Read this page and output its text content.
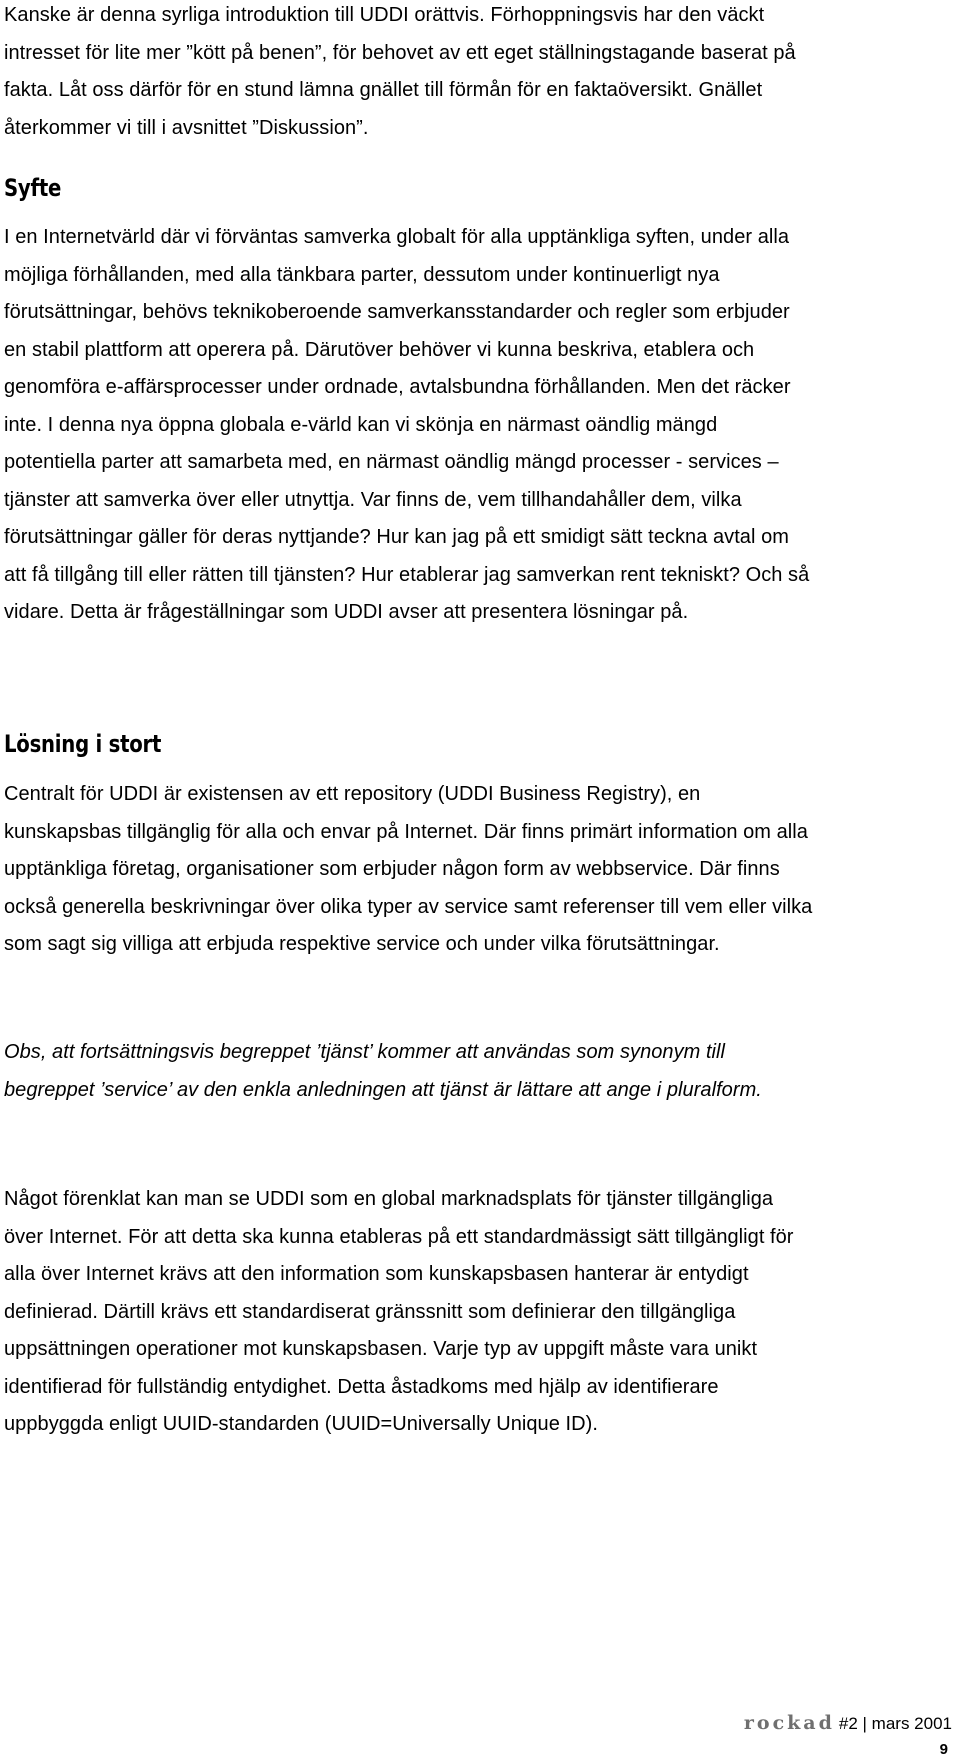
Kanske är denna syrliga introduktion till UDDI orättvis. Förhoppningsvis har den väckt intresset för lite mer ”kött på benen”, för behovet av ett eget ställningstagande baserat på fakta. Låt oss därför för en stund lämna gnället till förmån för en faktaöversikt. Gnället återkommer vi till i avsnittet ”Diskussion”.

Syfte

I en Internetvärld där vi förväntas samverka globalt för alla upptänkliga syften, under alla möjliga förhållanden, med alla tänkbara parter, dessutom under kontinuerligt nya förutsättningar, behövs teknikoberoende samverkansstandarder och regler som erbjuder en stabil plattform att operera på. Därutöver behöver vi kunna beskriva, etablera och genomföra e-affärsprocesser under ordnade, avtalsbundna förhållanden. Men det räcker inte. I denna nya öppna globala e-värld kan vi skönja en närmast oändlig mängd potentiella parter att samarbeta med, en närmast oändlig mängd processer - services – tjänster att samverka över eller utnyttja. Var finns de, vem tillhandahåller dem, vilka förutsättningar gäller för deras nyttjande? Hur kan jag på ett smidigt sätt teckna avtal om att få tillgång till eller rätten till tjänsten? Hur etablerar jag samverkan rent tekniskt? Och så vidare. Detta är frågeställningar som UDDI avser att presentera lösningar på.

Lösning i stort

Centralt för UDDI är existensen av ett repository (UDDI Business Registry), en kunskapsbas tillgänglig för alla och envar på Internet. Där finns primärt information om alla upptänkliga företag, organisationer som erbjuder någon form av webbservice. Där finns också generella beskrivningar över olika typer av service samt referenser till vem eller vilka som sagt sig villiga att erbjuda respektive service och under vilka förutsättningar.

Obs, att fortsättningsvis begreppet ’tjänst’ kommer att användas som synonym till begreppet ’service’ av den enkla anledningen att tjänst är lättare att ange i pluralform.

Något förenklat kan man se UDDI som en global marknadsplats för tjänster tillgängliga över Internet. För att detta ska kunna etableras på ett standardmässigt sätt tillgängligt för alla över Internet krävs att den information som kunskapsbasen hanterar är entydigt definierad. Därtill krävs ett standardiserat gränssnitt som definierar den tillgängliga uppsättningen operationer mot kunskapsbasen. Varje typ av uppgift måste vara unikt identifierad för fullständig entydighet. Detta åstadkoms med hjälp av identifierare uppbyggda enligt UUID-standarden (UUID=Universally Unique ID).

rockad #2 | mars 2001
9
